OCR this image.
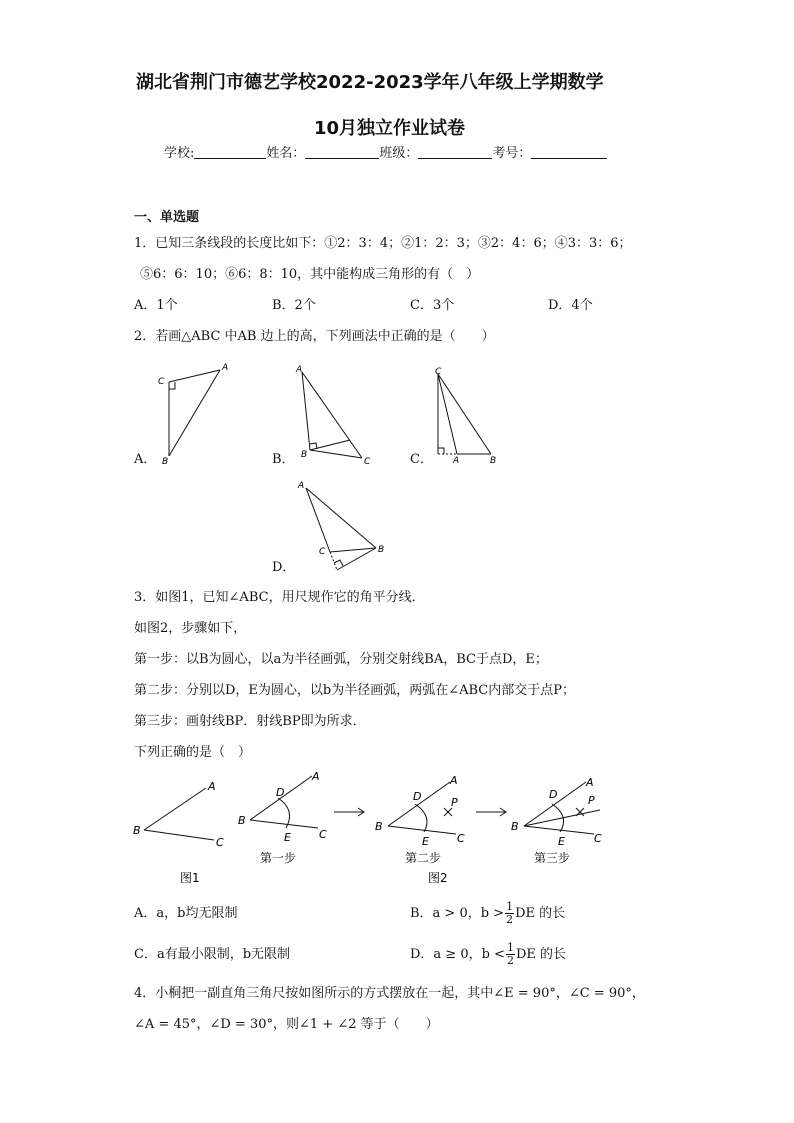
湖北省荆门市德艺学校2022-2023学年八年级上学期数学
10月独立作业试卷
学校:	姓名：	班级：	考号：
一、单选题
1．已知三条线段的长度比如下：①2：3：4；②1：2：3；③2：4：6；④3：3：6；
⑤6：6：10；⑥6：8：10，其中能构成三角形的有（　）
A．1个	B．2个	C．3个	D．4个
2．若画△ABC 中AB 边上的高，下列画法中正确的是（　　）
A．	B．	C．
D．
C
A
B
A
B
C
C
A	B
A
C	B
3．如图1，已知∠ABC，用尺规作它的角平分线．
如图2，步骤如下，
第一步：以B为圆心，以a为半径画弧，分别交射线BA，BC于点D，E；
第二步：分别以D，E为圆心，以b为半径画弧，两弧在∠ABC内部交于点P；
第三步：画射线BP．射线BP即为所求．
下列正确的是（　）
B
A
C
B
A
C
D
E
B
A
C
D
E
P
B
A
C
D
E
P
第一步	第二步	第三步
图1	图2
A．a，b均无限制	B．a > 0，$b > \frac{1}{2}$ DE 的长
C．a有最小限制，b无限制	D．a ≥ 0，$b < \frac{1}{2}$ DE 的长
4．小桐把一副直角三角尺按如图所示的方式摆放在一起，其中∠E = 90°，∠C = 90°，
∠A = 45°，∠D = 30°，则∠1 + ∠2 等于（　　）
